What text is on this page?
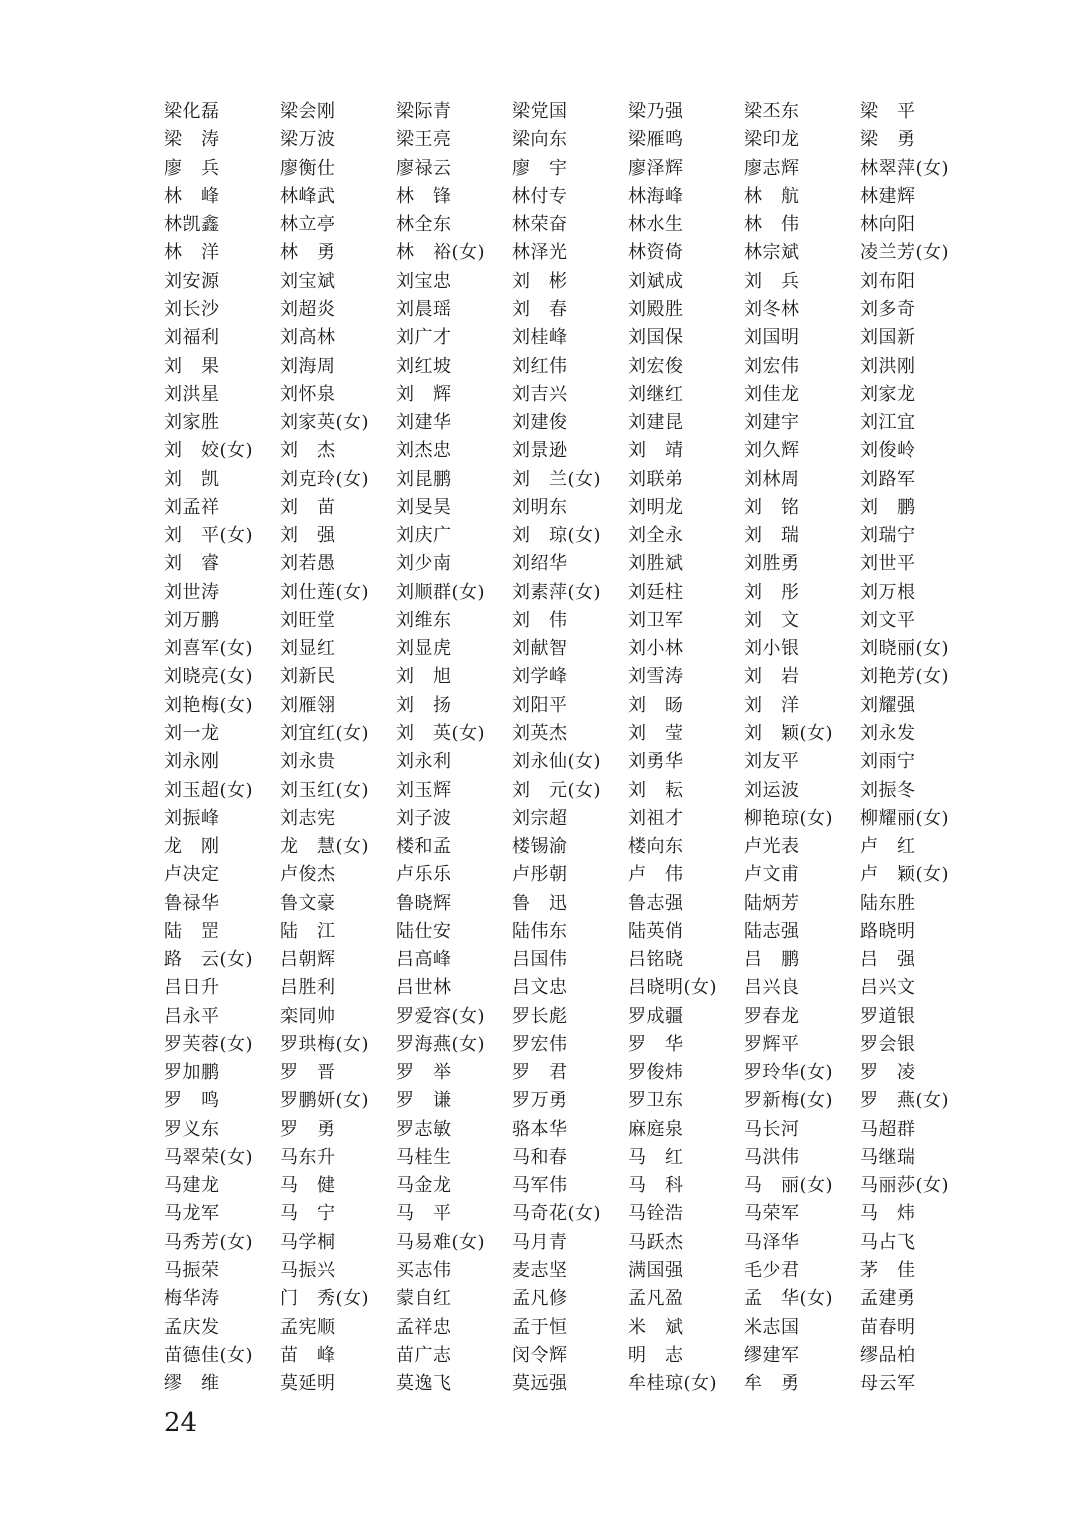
梁化磊	梁会刚	梁际青	梁党国	梁乃强	梁丕东	梁　平
梁　涛	梁万波	梁王亮	梁向东	梁雁鸣	梁印龙	梁　勇
廖　兵	廖衡仕	廖禄云	廖　宇	廖泽辉	廖志辉	林翠萍(女)
林　峰	林峰武	林　锋	林付专	林海峰	林　航	林建辉
林凯鑫	林立亭	林全东	林荣奋	林水生	林　伟	林向阳
林　洋	林　勇	林　裕(女)	林泽光	林资倚	林宗斌	凌兰芳(女)
刘安源	刘宝斌	刘宝忠	刘　彬	刘斌成	刘　兵	刘布阳
刘长沙	刘超炎	刘晨瑶	刘　春	刘殿胜	刘冬林	刘多奇
刘福利	刘高林	刘广才	刘桂峰	刘国保	刘国明	刘国新
刘　果	刘海周	刘红坡	刘红伟	刘宏俊	刘宏伟	刘洪刚
刘洪星	刘怀泉	刘　辉	刘吉兴	刘继红	刘佳龙	刘家龙
刘家胜	刘家英(女)	刘建华	刘建俊	刘建昆	刘建宇	刘江宜
刘　姣(女)	刘　杰	刘杰忠	刘景逊	刘　靖	刘久辉	刘俊岭
刘　凯	刘克玲(女)	刘昆鹏	刘　兰(女)	刘联弟	刘林周	刘路军
刘孟祥	刘　苗	刘旻昊	刘明东	刘明龙	刘　铭	刘　鹏
刘　平(女)	刘　强	刘庆广	刘　琼(女)	刘全永	刘　瑞	刘瑞宁
刘　睿	刘若愚	刘少南	刘绍华	刘胜斌	刘胜勇	刘世平
刘世涛	刘仕莲(女)	刘顺群(女)	刘素萍(女)	刘廷柱	刘　彤	刘万根
刘万鹏	刘旺堂	刘维东	刘　伟	刘卫军	刘　文	刘文平
刘喜军(女)	刘显红	刘显虎	刘献智	刘小林	刘小银	刘晓丽(女)
刘晓亮(女)	刘新民	刘　旭	刘学峰	刘雪涛	刘　岩	刘艳芳(女)
刘艳梅(女)	刘雁翎	刘　扬	刘阳平	刘　旸	刘　洋	刘耀强
刘一龙	刘宜红(女)	刘　英(女)	刘英杰	刘　莹	刘　颖(女)	刘永发
刘永刚	刘永贵	刘永利	刘永仙(女)	刘勇华	刘友平	刘雨宁
刘玉超(女)	刘玉红(女)	刘玉辉	刘　元(女)	刘　耘	刘运波	刘振冬
刘振峰	刘志宪	刘子波	刘宗超	刘祖才	柳艳琼(女)	柳耀丽(女)
龙　刚	龙　慧(女)	楼和孟	楼锡渝	楼向东	卢光表	卢　红
卢决定	卢俊杰	卢乐乐	卢彤朝	卢　伟	卢文甫	卢　颖(女)
鲁禄华	鲁文豪	鲁晓辉	鲁　迅	鲁志强	陆炳芳	陆东胜
陆　罡	陆　江	陆仕安	陆伟东	陆英俏	陆志强	路晓明
路　云(女)	吕朝辉	吕高峰	吕国伟	吕铭晓	吕　鹏	吕　强
吕日升	吕胜利	吕世林	吕文忠	吕晓明(女)	吕兴良	吕兴文
吕永平	栾同帅	罗爱容(女)	罗长彪	罗成疆	罗春龙	罗道银
罗芙蓉(女)	罗珙梅(女)	罗海燕(女)	罗宏伟	罗　华	罗辉平	罗会银
罗加鹏	罗　晋	罗　举	罗　君	罗俊炜	罗玲华(女)	罗　凌
罗　鸣	罗鹏妍(女)	罗　谦	罗万勇	罗卫东	罗新梅(女)	罗　燕(女)
罗义东	罗　勇	罗志敏	骆本华	麻庭泉	马长河	马超群
马翠荣(女)	马东升	马桂生	马和春	马　红	马洪伟	马继瑞
马建龙	马　健	马金龙	马军伟	马　科	马　丽(女)	马丽莎(女)
马龙军	马　宁	马　平	马奇花(女)	马铨浩	马荣军	马　炜
马秀芳(女)	马学桐	马易难(女)	马月青	马跃杰	马泽华	马占飞
马振荣	马振兴	买志伟	麦志坚	满国强	毛少君	茅　佳
梅华涛	门　秀(女)	蒙自红	孟凡修	孟凡盈	孟　华(女)	孟建勇
孟庆发	孟宪顺	孟祥忠	孟于恒	米　斌	米志国	苗春明
苗德佳(女)	苗　峰	苗广志	闵令辉	明　志	缪建军	缪品柏
缪　维	莫延明	莫逸飞	莫远强	牟桂琼(女)	牟　勇	母云军
24
